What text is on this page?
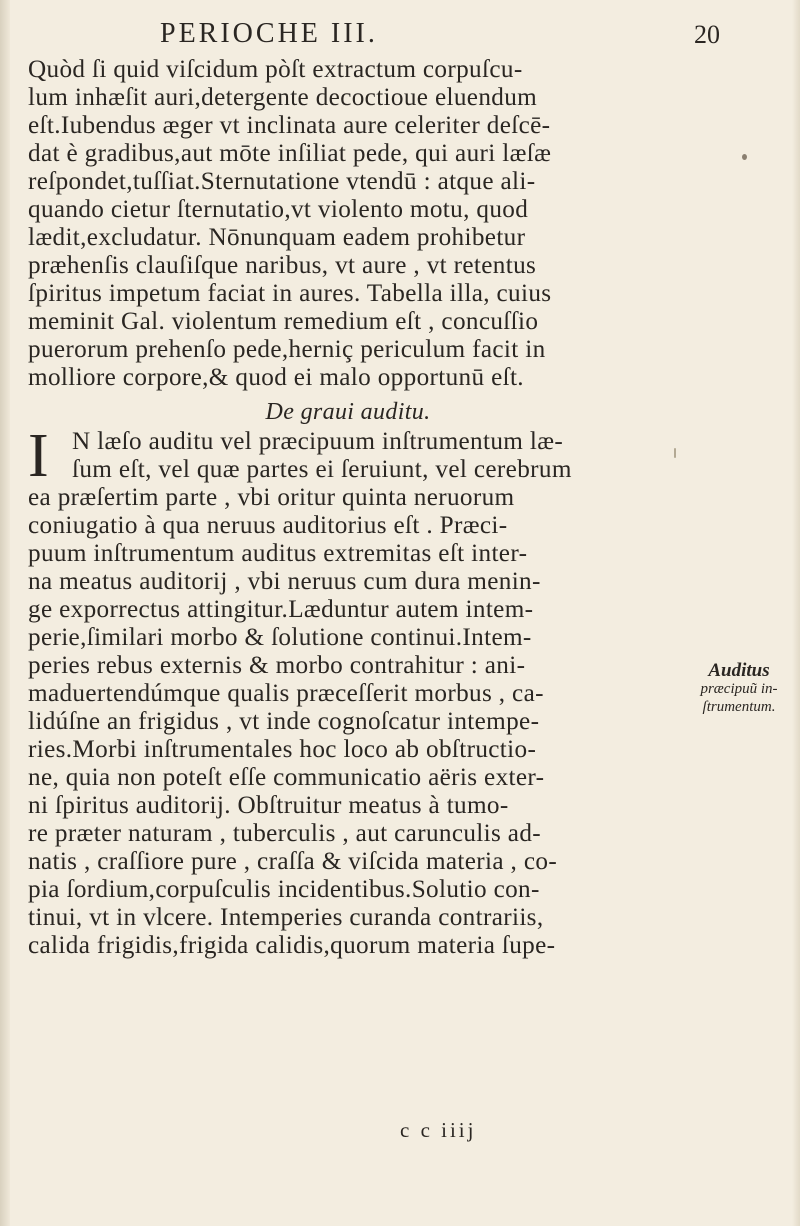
PERIOCHE III.	20
Quòd ſi quid viſcidum pòſt extractum corpuſcu-
lum inhæſit auri,detergente decoctioue eluendum
eſt.Iubendus æger vt inclinata aure celeriter deſcē-
dat è gradibus,aut mōte inſiliat pede, qui auri læſæ
reſpondet,tuſſiat.Sternutatione vtendū : atque ali-
quando cietur ſternutatio,vt violento motu, quod
lædit,excludatur. Nōnunquam eadem prohibetur
præhenſis clauſiſque naribus, vt aure , vt retentus
ſpiritus impetum faciat in aures. Tabella illa, cuius
meminit Gal. violentum remedium eſt , concuſſio
puerorum prehenſo pede,herniç periculum facit in
molliore corpore,& quod ei malo opportunū eſt.
De graui auditu.
I N læſo auditu vel præcipuum inſtrumentum læ-
ſum eſt, vel quæ partes ei ſeruiunt, vel cerebrum
ea præſertim parte , vbi oritur quinta neruorum
coniugatio à qua neruus auditorius eſt . Præci-
puum inſtrumentum auditus extremitas eſt inter-
na meatus auditorij , vbi neruus cum dura menin-
ge exporrectus attingitur.Læduntur autem intem-
perie,ſimilari morbo & ſolutione continui.Intem-
peries rebus externis & morbo contrahitur : ani-
maduertendúmque qualis præceſſerit morbus , ca-
lidúſne an frigidus , vt inde cognoſcatur intempe-
ries.Morbi inſtrumentales hoc loco ab obſtructio-
ne, quia non poteſt eſſe communicatio aëris exter-
ni ſpiritus auditorij. Obſtruitur meatus à tumo-
re præter naturam , tuberculis , aut carunculis ad-
natis , craſſiore pure , craſſa & viſcida materia , co-
pia ſordium,corpuſculis incidentibus.Solutio con-
tinui, vt in vlcere. Intemperies curanda contrariis,
calida frigidis,frigida calidis,quorum materia ſupe-
Auditus
præcipuũ in-
ſtrumentum.
c c iiij
